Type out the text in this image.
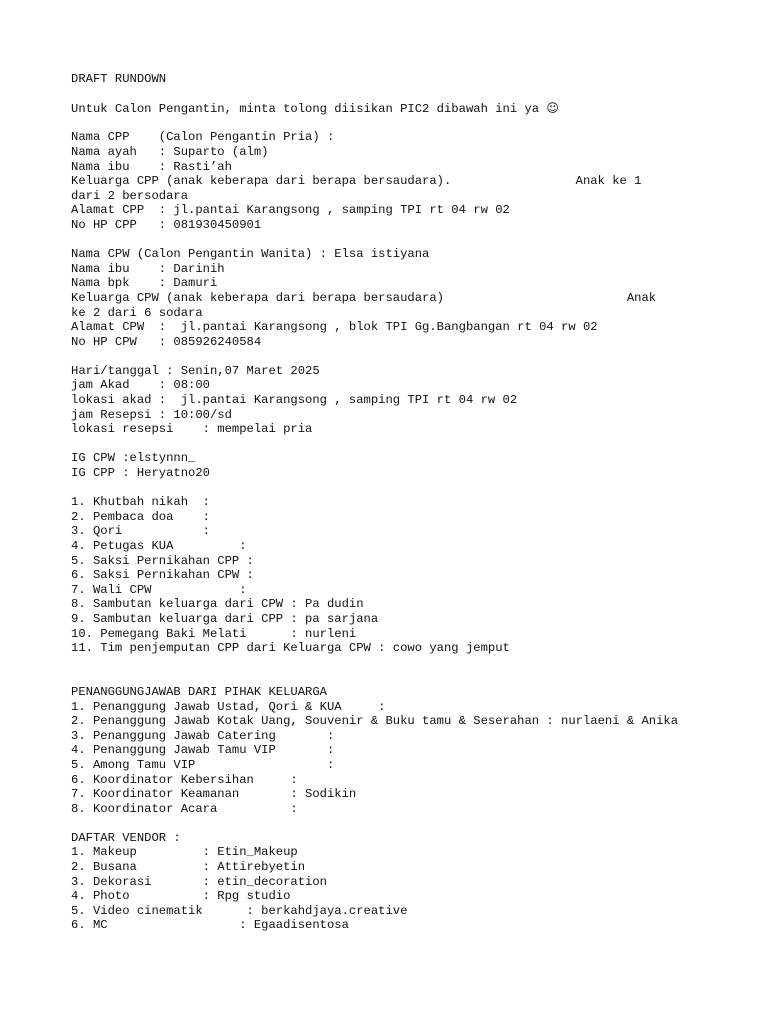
DRAFT RUNDOWN
Untuk Calon Pengantin, minta tolong diisikan PIC2 dibawah ini ya ☺
Nama CPP    (Calon Pengantin Pria) :
Nama ayah   : Suparto (alm)
Nama ibu    : Rasti’ah
Keluarga CPP (anak keberapa dari berapa bersaudara).                 Anak ke 1
dari 2 bersodara
Alamat CPP  : jl.pantai Karangsong , samping TPI rt 04 rw 02
No HP CPP   : 081930450901
Nama CPW (Calon Pengantin Wanita) : Elsa istiyana
Nama ibu    : Darinih
Nama bpk    : Damuri
Keluarga CPW (anak keberapa dari berapa bersaudara)                         Anak
ke 2 dari 6 sodara
Alamat CPW  :  jl.pantai Karangsong , blok TPI Gg.Bangbangan rt 04 rw 02
No HP CPW   : 085926240584
Hari/tanggal : Senin,07 Maret 2025
jam Akad    : 08:00
lokasi akad :  jl.pantai Karangsong , samping TPI rt 04 rw 02
jam Resepsi : 10:00/sd
lokasi resepsi    : mempelai pria
IG CPW :elstynnn_
IG CPP : Heryatno20
1. Khutbah nikah  :
2. Pembaca doa    :
3. Qori           :
4. Petugas KUA         :
5. Saksi Pernikahan CPP :
6. Saksi Pernikahan CPW :
7. Wali CPW            :
8. Sambutan keluarga dari CPW : Pa dudin
9. Sambutan keluarga dari CPP : pa sarjana
10. Pemegang Baki Melati      : nurleni
11. Tim penjemputan CPP dari Keluarga CPW : cowo yang jemput
PENANGGUNGJAWAB DARI PIHAK KELUARGA
1. Penanggung Jawab Ustad, Qori & KUA     :
2. Penanggung Jawab Kotak Uang, Souvenir & Buku tamu & Seserahan : nurlaeni & Anika
3. Penanggung Jawab Catering       :
4. Penanggung Jawab Tamu VIP       :
5. Among Tamu VIP                  :
6. Koordinator Kebersihan     :
7. Koordinator Keamanan       : Sodikin
8. Koordinator Acara          :
DAFTAR VENDOR :
1. Makeup         : Etin_Makeup
2. Busana         : Attirebyetin
3. Dekorasi       : etin_decoration
4. Photo          : Rpg studio
5. Video cinematik      : berkahdjaya.creative
6. MC                  : Egaadisentosa
